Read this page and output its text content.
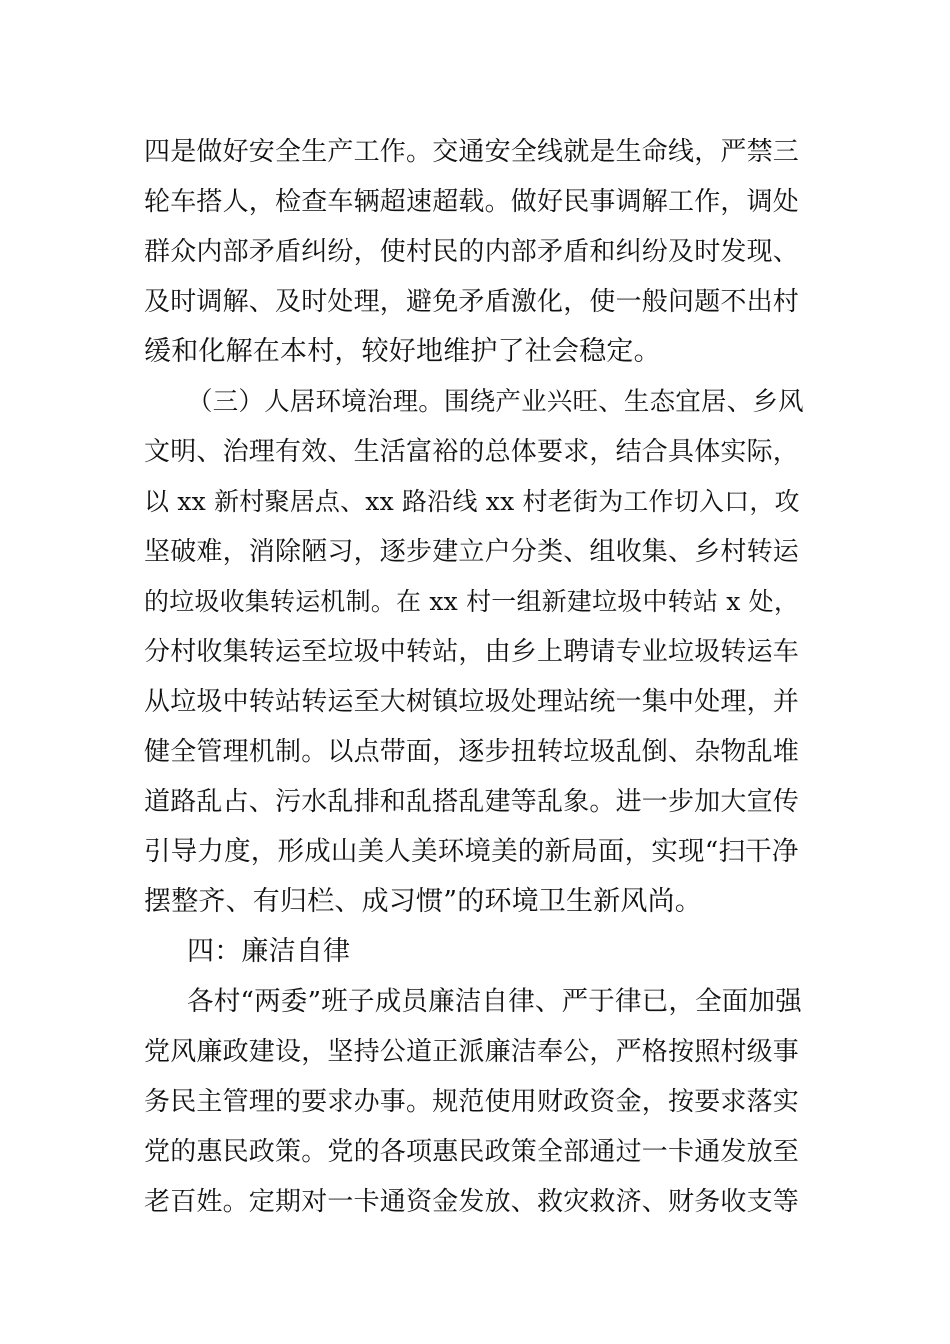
四是做好安全生产工作。交通安全线就是生命线，严禁三
轮车搭人，检查车辆超速超载。做好民事调解工作，调处
群众内部矛盾纠纷，使村民的内部矛盾和纠纷及时发现、
及时调解、及时处理，避免矛盾激化，使一般问题不出村
缓和化解在本村，较好地维护了社会稳定。
（三）人居环境治理。围绕产业兴旺、生态宜居、乡风
文明、治理有效、生活富裕的总体要求，结合具体实际，
以 xx 新村聚居点、xx 路沿线 xx 村老街为工作切入口，攻
坚破难，消除陋习，逐步建立户分类、组收集、乡村转运
的垃圾收集转运机制。在 xx 村一组新建垃圾中转站 x 处，
分村收集转运至垃圾中转站，由乡上聘请专业垃圾转运车
从垃圾中转站转运至大树镇垃圾处理站统一集中处理，并
健全管理机制。以点带面，逐步扭转垃圾乱倒、杂物乱堆
道路乱占、污水乱排和乱搭乱建等乱象。进一步加大宣传
引导力度，形成山美人美环境美的新局面，实现“扫干净
摆整齐、有归栏、成习惯”的环境卫生新风尚。
四：廉洁自律
各村“两委”班子成员廉洁自律、严于律已，全面加强
党风廉政建设，坚持公道正派廉洁奉公，严格按照村级事
务民主管理的要求办事。规范使用财政资金，按要求落实
党的惠民政策。党的各项惠民政策全部通过一卡通发放至
老百姓。定期对一卡通资金发放、救灾救济、财务收支等
